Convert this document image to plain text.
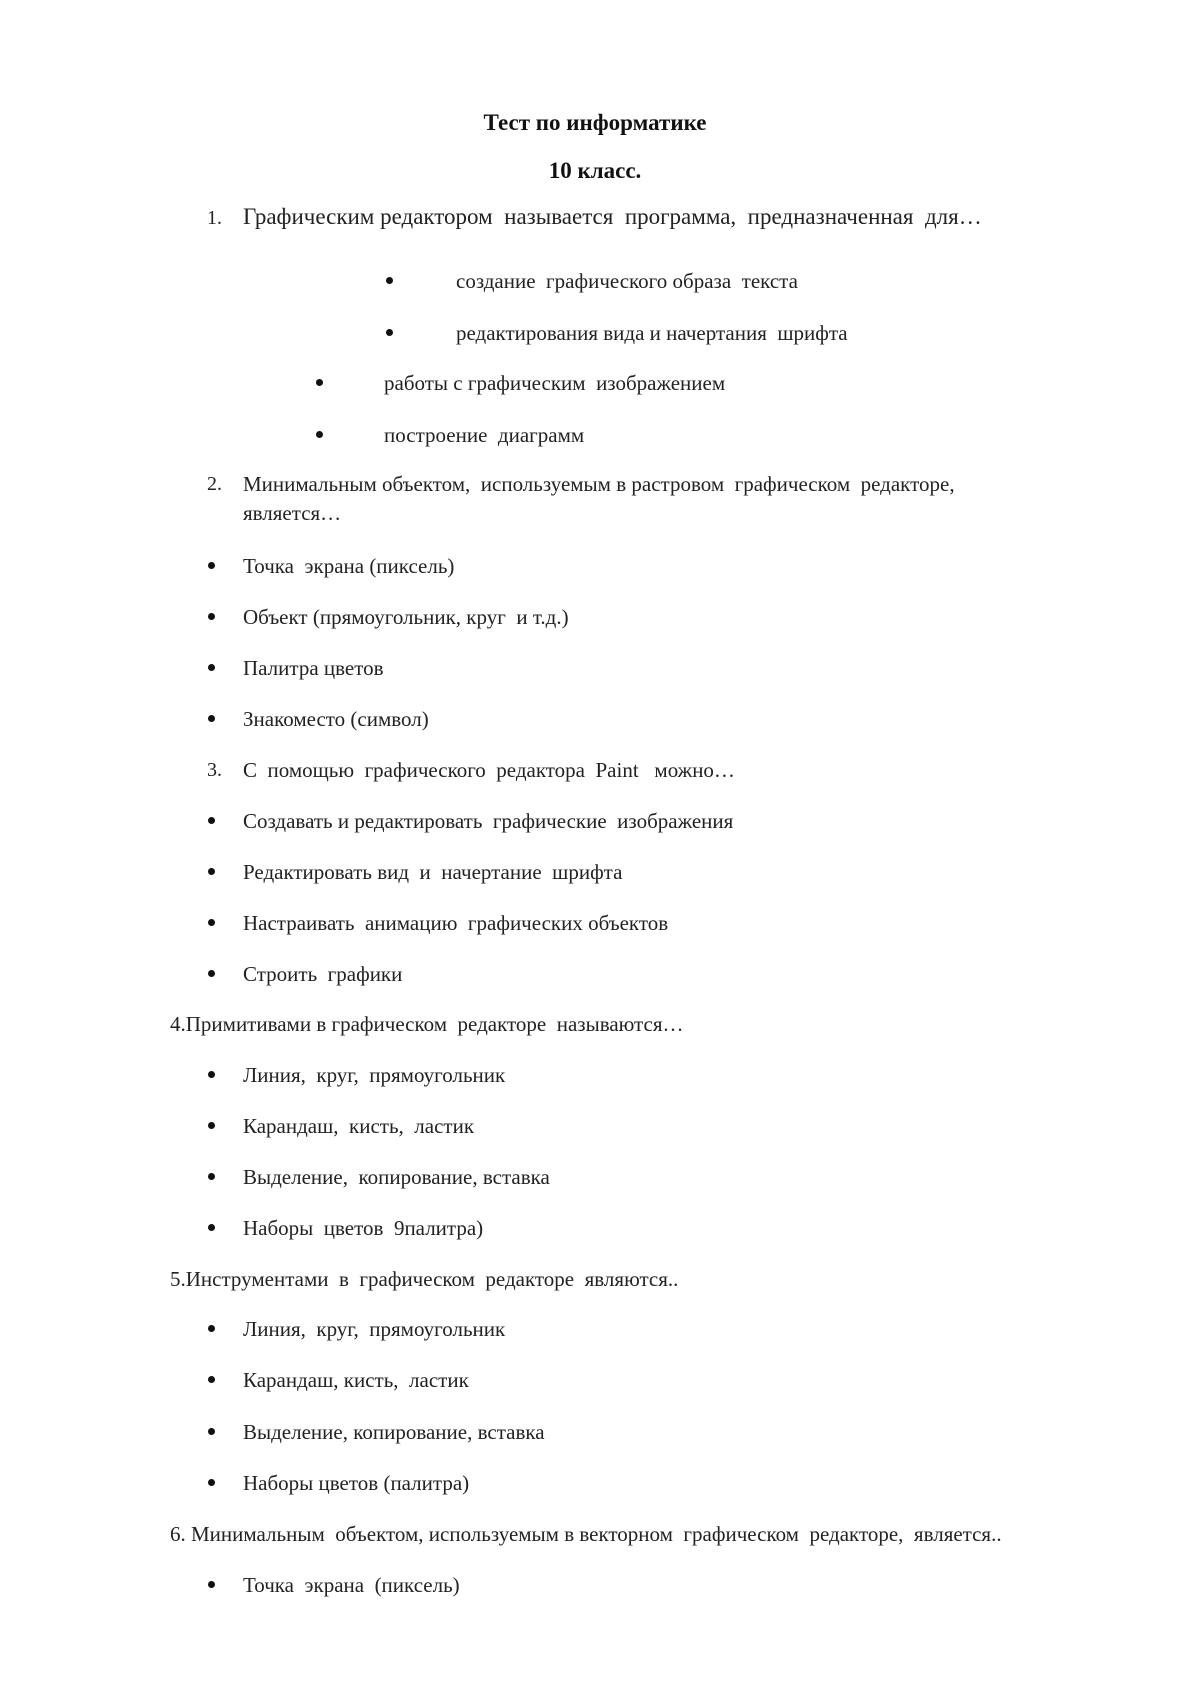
Тест по информатике
10 класс.
1. Графическим редактором  называется  программа,  предназначенная  для…
создание  графического образа  текста
редактирования вида и начертания  шрифта
работы с графическим  изображением
построение  диаграмм
2. Минимальным объектом,  используемым в растровом  графическом  редакторе,
является…
Точка  экрана (пиксель)
Объект (прямоугольник, круг  и т.д.)
Палитра цветов
Знакоместо (символ)
3. С  помощью  графического  редактора  Paint   можно…
Создавать и редактировать  графические  изображения
Редактировать вид  и  начертание  шрифта
Настраивать  анимацию  графических объектов
Строить  графики
4.Примитивами в графическом  редакторе  называются…
Линия,  круг,  прямоугольник
Карандаш,  кисть,  ластик
Выделение,  копирование, вставка
Наборы  цветов  9палитра)
5.Инструментами  в  графическом  редакторе  являются..
Линия,  круг,  прямоугольник
Карандаш, кисть,  ластик
Выделение, копирование, вставка
Наборы цветов (палитра)
6. Минимальным  объектом, используемым в векторном  графическом  редакторе,  является..
Точка  экрана  (пиксель)
